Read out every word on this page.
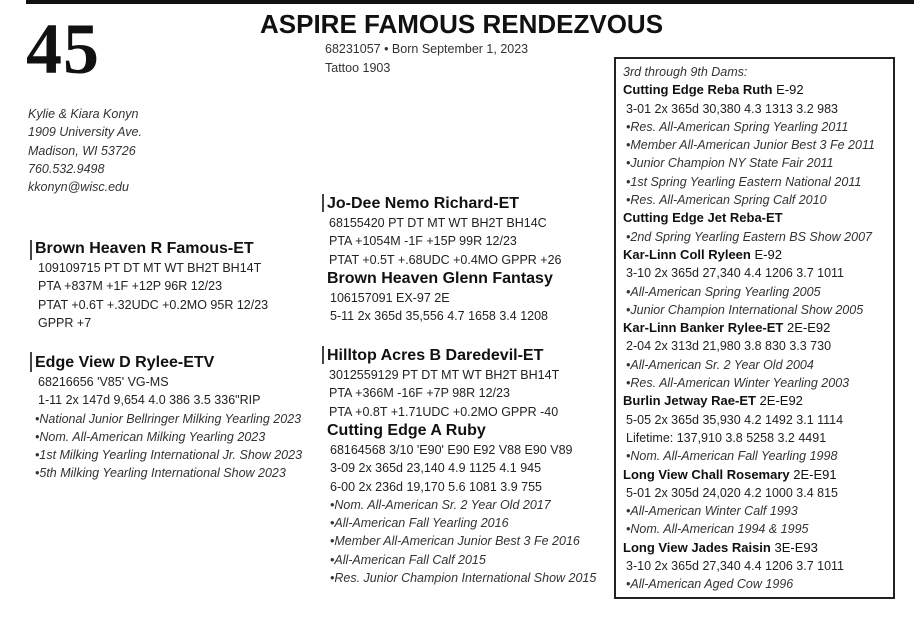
45	ASPIRE FAMOUS RENDEZVOUS
68231057 • Born September 1, 2023
Tattoo 1903
Kylie & Kiara Konyn
1909 University Ave.
Madison, WI 53726
760.532.9498
kkonyn@wisc.edu
Brown Heaven R Famous-ET
109109715 PT DT MT WT BH2T BH14T
PTA +837M +1F +12P 96R 12/23
PTAT +0.6T +.32UDC +0.2MO 95R 12/23
GPPR +7
Edge View D Rylee-ETV
68216656 'V85' VG-MS
1-11 2x 147d 9,654 4.0 386 3.5 336"RIP
•National Junior Bellringer Milking Yearling 2023
•Nom. All-American Milking Yearling 2023
•1st Milking Yearling International Jr. Show 2023
•5th Milking Yearling International Show 2023
Jo-Dee Nemo Richard-ET
68155420 PT DT MT WT BH2T BH14C
PTA +1054M -1F +15P 99R 12/23
PTAT +0.5T +.68UDC +0.4MO GPPR +26
Brown Heaven Glenn Fantasy
106157091 EX-97 2E
5-11 2x 365d 35,556 4.7 1658 3.4 1208
Hilltop Acres B Daredevil-ET
3012559129 PT DT MT WT BH2T BH14T
PTA +366M -16F +7P 98R 12/23
PTA +0.8T +1.71UDC +0.2MO GPPR -40
Cutting Edge A Ruby
68164568 3/10 'E90' E90 E92 V88 E90 V89
3-09 2x 365d 23,140 4.9 1125 4.1 945
6-00 2x 236d 19,170 5.6 1081 3.9 755
•Nom. All-American Sr. 2 Year Old 2017
•All-American Fall Yearling 2016
•Member All-American Junior Best 3 Fe 2016
•All-American Fall Calf 2015
•Res. Junior Champion International Show 2015
3rd through 9th Dams:
Cutting Edge Reba Ruth E-92
3-01 2x 365d 30,380 4.3 1313 3.2 983
•Res. All-American Spring Yearling 2011
•Member All-American Junior Best 3 Fe 2011
•Junior Champion NY State Fair 2011
•1st Spring Yearling Eastern National 2011
•Res. All-American Spring Calf 2010
Cutting Edge Jet Reba-ET
•2nd Spring Yearling Eastern BS Show 2007
Kar-Linn Coll Ryleen E-92
3-10 2x 365d 27,340 4.4 1206 3.7 1011
•All-American Spring Yearling 2005
•Junior Champion International Show 2005
Kar-Linn Banker Rylee-ET 2E-E92
2-04 2x 313d 21,980 3.8 830 3.3 730
•All-American Sr. 2 Year Old 2004
•Res. All-American Winter Yearling 2003
Burlin Jetway Rae-ET 2E-E92
5-05 2x 365d 35,930 4.2 1492 3.1 1114
Lifetime: 137,910 3.8 5258 3.2 4491
•Nom. All-American Fall Yearling 1998
Long View Chall Rosemary 2E-E91
5-01 2x 305d 24,020 4.2 1000 3.4 815
•All-American Winter Calf 1993
•Nom. All-American 1994 & 1995
Long View Jades Raisin 3E-E93
3-10 2x 365d 27,340 4.4 1206 3.7 1011
•All-American Aged Cow 1996
